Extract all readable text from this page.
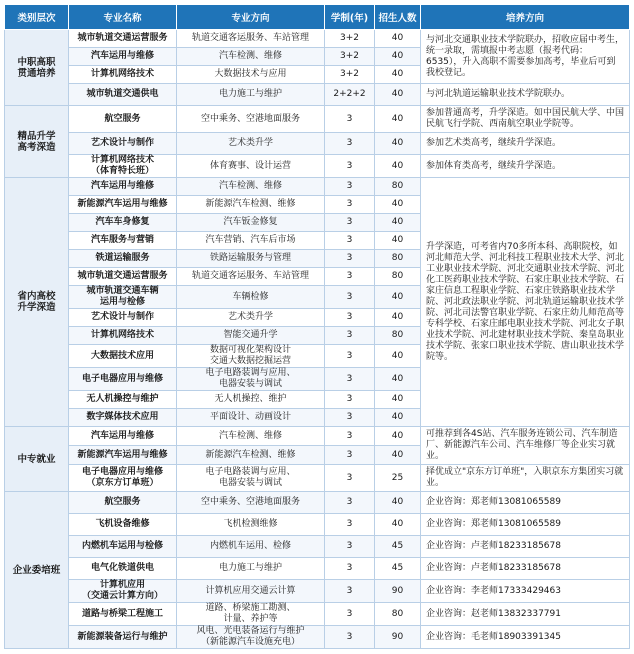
类别层次	专业名称	专业方向	学制(年)	招生人数	培养方向
中职高职
贯通培养	城市轨道交通运营服务	轨道交通客运服务、车站管理	3+2	40	与河北交通职业技术学院联办，招收应届中考生，统一录取，需填报中考志愿（报考代码：6535），升入高职不需要参加高考，毕业后可到我校登记。
	汽车运用与维修	汽车检测、维修	3+2	40	
	计算机网络技术	大数据技术与应用	3+2	40	
	城市轨道交通供电	电力施工与维护	2+2+2	40	与河北轨道运输职业技术学院联办。
精品升学
高考深造	航空服务	空中乘务、空港地面服务	3	40	参加普通高考，升学深造。如中国民航大学、中国民航飞行学院、西南航空职业学院等。
	艺术设计与制作	艺术类升学	3	40	参加艺术类高考，继续升学深造。
	计算机网络技术
（体育特长班）	体育赛事、设计运营	3	40	参加体育类高考，继续升学深造。
省内高校
升学深造	汽车运用与维修	汽车检测、维修	3	80	升学深造，可考省内70多所本科、高职院校，如河北师范大学、河北科技工程职业技术大学、河北工业职业技术学院、河北交通职业技术学院、河北化工医药职业技术学院、石家庄职业技术学院、石家庄信息工程职业学院、石家庄铁路职业技术学院、河北政法职业学院、河北轨道运输职业技术学院、河北司法警官职业学院、石家庄幼儿师范高等专科学校、石家庄邮电职业技术学院、河北女子职业技术学院、河北建材职业技术学院、秦皇岛职业技术学院、张家口职业技术学院、唐山职业技术学院等。
	新能源汽车运用与维修	新能源汽车检测、维修	3	40	
	汽车车身修复	汽车钣金修复	3	40	
	汽车服务与营销	汽车营销、汽车后市场	3	40	
	铁道运输服务	铁路运输服务与管理	3	80	
	城市轨道交通运营服务	轨道交通客运服务、车站管理	3	80	
	城市轨道交通车辆
运用与检修	车辆检修	3	40	
	艺术设计与制作	艺术类升学	3	40	
	计算机网络技术	智能交通升学	3	80	
	大数据技术应用	数据可视化架构设计
交通大数据挖掘运营	3	40	
	电子电器应用与维修	电子电路装调与应用、
电器安装与调试	3	40	
	无人机操控与维护	无人机操控、维护	3	40	
	数字媒体技术应用	平面设计、动画设计	3	40	
中专就业	汽车运用与维修	汽车检测、维修	3	40	可推荐到各4S站、汽车服务连锁公司、汽车制造厂、新能源汽车公司、汽车维修厂等企业实习就业。
	新能源汽车运用与维修	新能源汽车检测、维修	3	40	
	电子电器应用与维修
（京东方订单班）	电子电路装调与应用、
电器安装与调试	3	25	择优成立"京东方订单班"，入职京东方集团实习就业。
企业委培班	航空服务	空中乘务、空港地面服务	3	40	企业咨询：郑老师13081065589
	飞机设备维修	飞机检测维修	3	40	企业咨询：郑老师13081065589
	内燃机车运用与检修	内燃机车运用、检修	3	45	企业咨询：卢老师18233185678
	电气化铁道供电	电力施工与维护	3	45	企业咨询：卢老师18233185678
	计算机应用
（交通云计算方向）	计算机应用交通云计算	3	90	企业咨询：李老师17333429463
	道路与桥梁工程施工	道路、桥梁施工勘测、
计量、养护等	3	80	企业咨询：赵老师13832337791
	新能源装备运行与维护	风电、光电装备运行与维护
（新能源汽车设施充电）	3	90	企业咨询：毛老师18903391345
